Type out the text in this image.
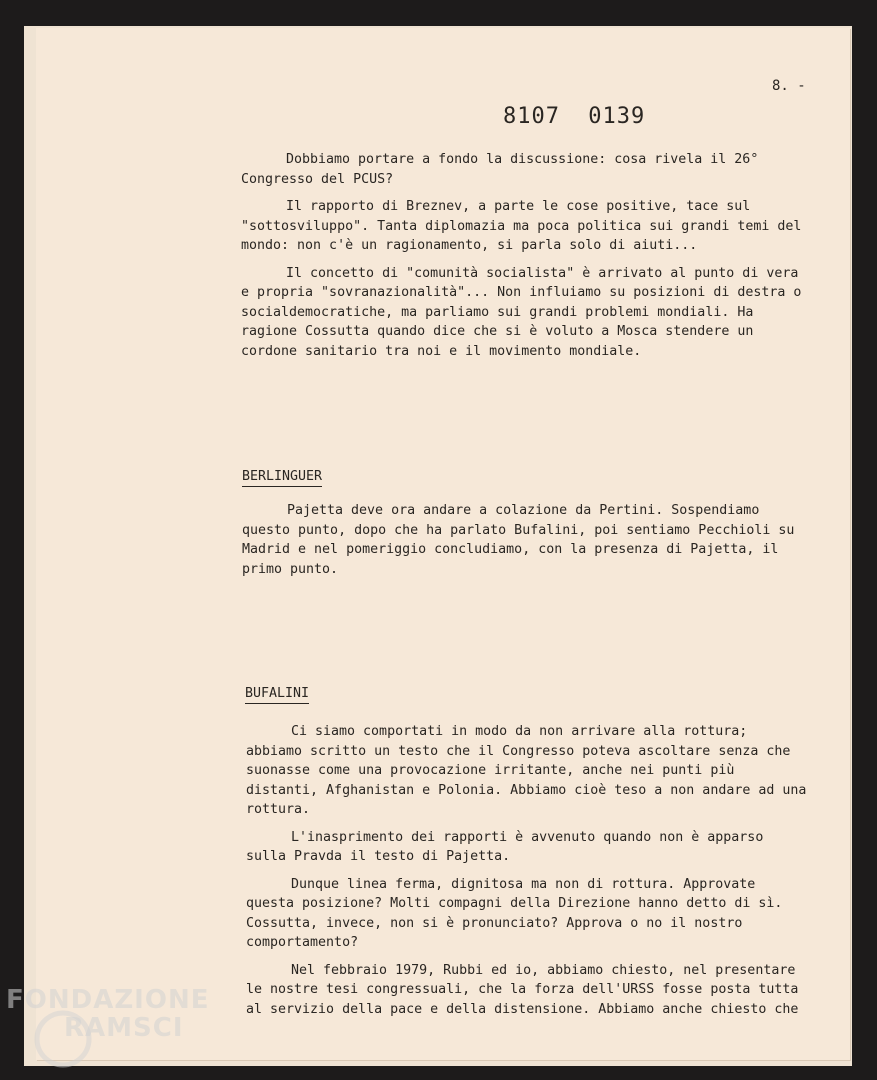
8. -
8107 0139

Dobbiamo portare a fondo la discussione: cosa rivela il 26° Congresso del PCUS?

Il rapporto di Breznev, a parte le cose positive, tace sul "sottosviluppo". Tanta diplomazia ma poca politica sui grandi temi del mondo: non c'è un ragionamento, si parla solo di aiuti...

Il concetto di "comunità socialista" è arrivato al punto di vera e propria "sovranazionalità"... Non influiamo su posizioni di destra o socialdemocratiche, ma parliamo sui grandi problemi mondiali. Ha ragione Cossutta quando dice che si è voluto a Mosca stendere un cordone sanitario tra noi e il movimento mondiale.

BERLINGUER

Pajetta deve ora andare a colazione da Pertini. Sospendiamo questo punto, dopo che ha parlato Bufalini, poi sentiamo Pecchioli su Madrid e nel pomeriggio concludiamo, con la presenza di Pajetta, il primo punto.

BUFALINI

Ci siamo comportati in modo da non arrivare alla rottura; abbiamo scritto un testo che il Congresso poteva ascoltare senza che suonasse come una provocazione irritante, anche nei punti più distanti, Afghanistan e Polonia. Abbiamo cioè teso a non andare ad una rottura.

L'inasprimento dei rapporti è avvenuto quando non è apparso sulla Pravda il testo di Pajetta.

Dunque linea ferma, dignitosa ma non di rottura. Approvate questa posizione? Molti compagni della Direzione hanno detto di sì. Cossutta, invece, non si è pronunciato? Approva o no il nostro comportamento?

Nel febbraio 1979, Rubbi ed io, abbiamo chiesto, nel presentare le nostre tesi congressuali, che la forza dell'URSS fosse posta tutta al servizio della pace e della distensione. Abbiamo anche chiesto che

FONDAZIONE
RAMSCI
